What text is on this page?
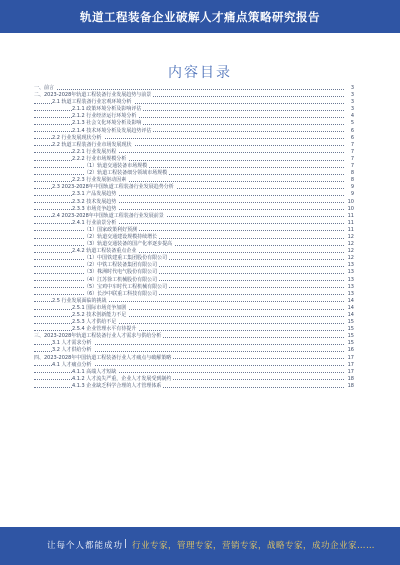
轨道工程装备企业破解人才痛点策略研究报告
内容目录
一、前言	3
二、2023-2028年轨道工程装备行业发展趋势与前景	3
2.1 轨道工程装备行业宏观环境分析	3
2.1.1 政策环境分析及影响评估	3
2.1.2 行业经济运行环境分析	4
2.1.3 社会文化环境分析及影响	5
2.1.4 技术环境分析及发展趋势评估	6
2.2 行业发展现状分析	6
2.2 轨道工程装备行业市场发展现状	7
2.2.1 行业发展历程	7
2.2.2 行业市场规模分析	7
（1）轨道交通装备市场规模	7
（2）轨道工程装备细分领域市场规模	8
2.2.3 行业发展驱动因素	8
2.3 2023-2028年中国轨道工程装备行业发展趋势分析	9
2.3.1 产品发展趋势	9
2.3.2 技术发展趋势	10
2.3.3 市场竞争趋势	10
2.4 2023-2028年中国轨道工程装备行业发展前景	11
2.4.1 行业前景分析	11
（1）国家政策利好预测	11
（2）轨道交通建设规模持续增长	12
（3）轨道交通装备的国产化率逐步提高	12
2.4.2 轨道工程装备重点企业	12
（1）中国铁建重工集团股份有限公司	12
（2）中铁工程装备集团有限公司	13
（3）株洲时代电气股份有限公司	13
（4）江苏徐工机械股份有限公司	13
（5）宝鸡中车时代工程机械有限公司	13
（6）长沙中联重工科技有限公司	13
2.5 行业发展面临的挑战	14
2.5.1 国际市场竞争加剧	14
2.5.2 技术创新能力不足	14
2.5.3 人才供给不足	15
2.5.4 企业管理水平有待提升	15
三、2023-2028年轨道工程装备行业人才需求与供给分析	15
3.1 人才需求分析	15
3.2 人才供给分析	16
四、2023-2028年中国轨道工程装备行业人才痛点与破解策略	17
4.1 人才痛点分析	17
4.1.1 高端人才短缺	17
4.1.2 人才流失严重，企业人才发展受到制约	18
4.1.3 企业缺乏科学合理的人才管理体系	18
让每个人都能成功 | 行业专家，管理专家，营销专家，战略专家，成功企业家……
